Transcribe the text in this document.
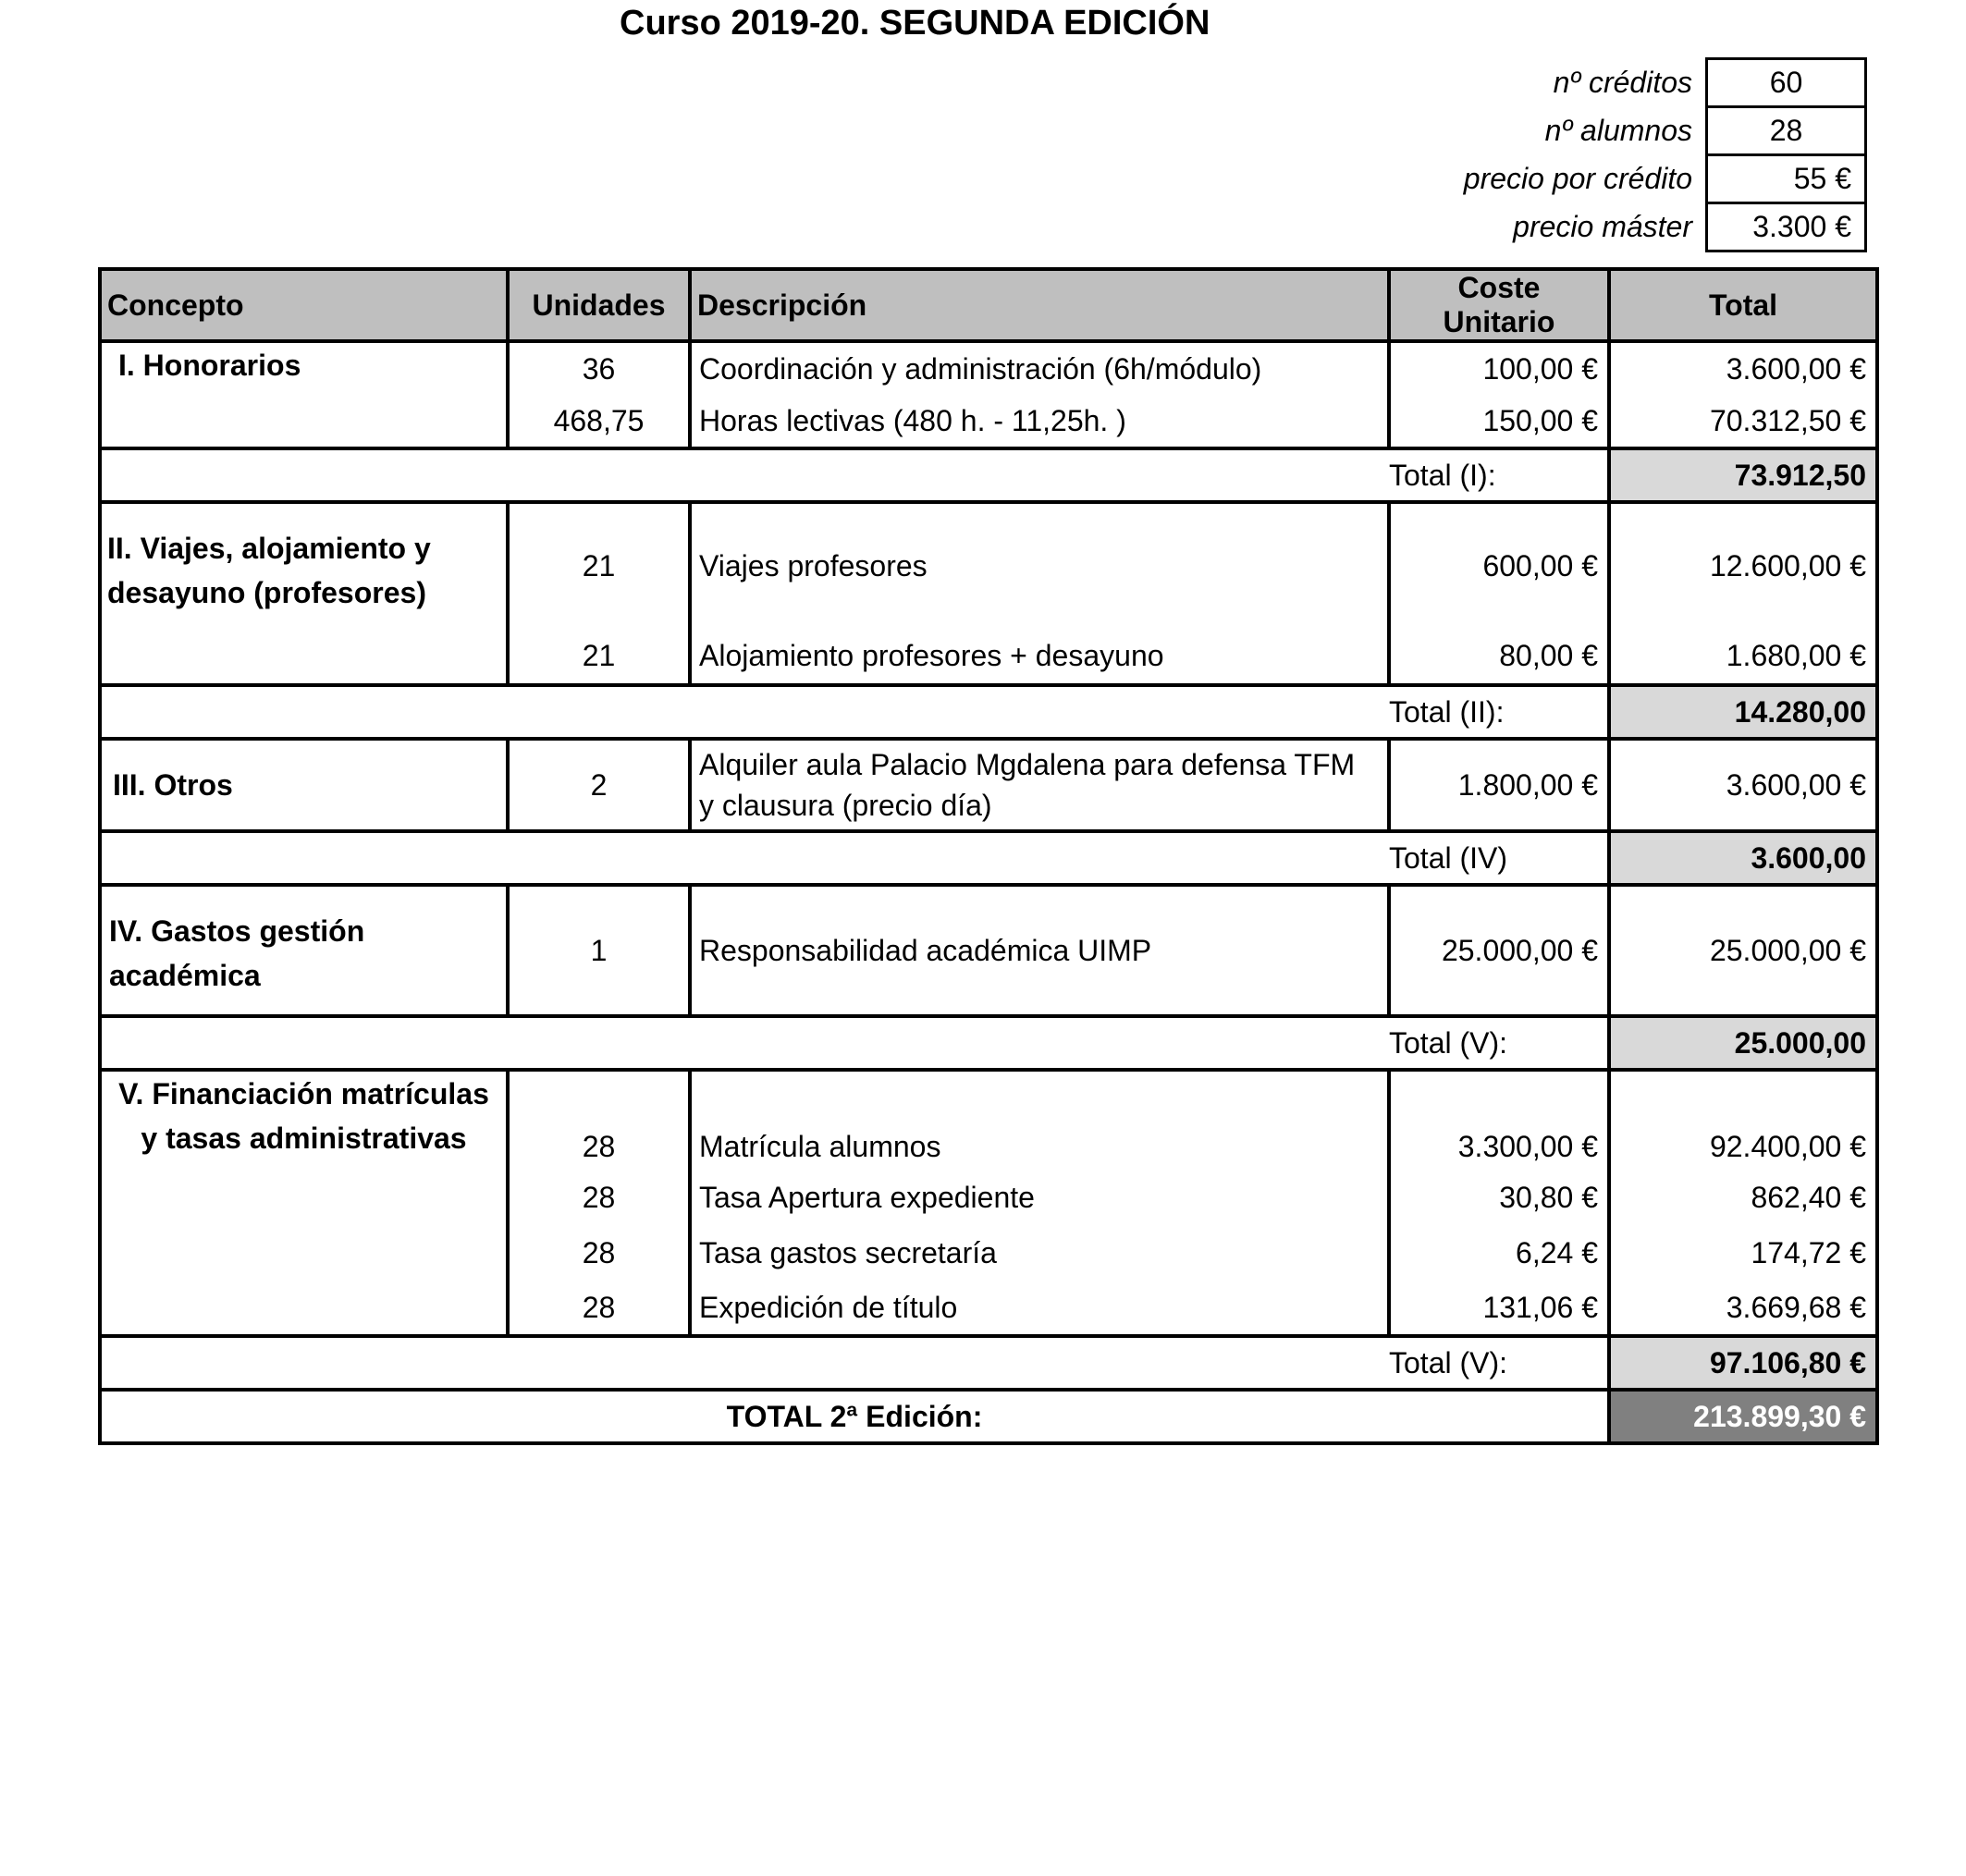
Curso 2019-20. SEGUNDA EDICIÓN
nº créditos	60
nº alumnos	28
precio por crédito	55 €
precio máster	3.300 €
Concepto	Unidades	Descripción	Coste Unitario	Total
I. Honorarios	36	Coordinación y administración (6h/módulo)	100,00 €	3.600,00 €
	468,75	Horas lectivas (480 h. - 11,25h. )	150,00 €	70.312,50 €
			Total (I):	73.912,50
II. Viajes, alojamiento y desayuno (profesores)	21	Viajes profesores	600,00 €	12.600,00 €
	21	Alojamiento profesores + desayuno	80,00 €	1.680,00 €
			Total (II):	14.280,00
III. Otros	2	Alquiler aula Palacio Mgdalena para defensa TFM y clausura (precio día)	1.800,00 €	3.600,00 €
			Total (IV)	3.600,00
IV. Gastos gestión académica	1	Responsabilidad académica UIMP	25.000,00 €	25.000,00 €
			Total (V):	25.000,00
V. Financiación matrículas y tasas administrativas	28	Matrícula alumnos	3.300,00 €	92.400,00 €
	28	Tasa Apertura expediente	30,80 €	862,40 €
	28	Tasa gastos secretaría	6,24 €	174,72 €
	28	Expedición de título	131,06 €	3.669,68 €
			Total (V):	97.106,80 €
TOTAL 2ª Edición:				213.899,30 €
